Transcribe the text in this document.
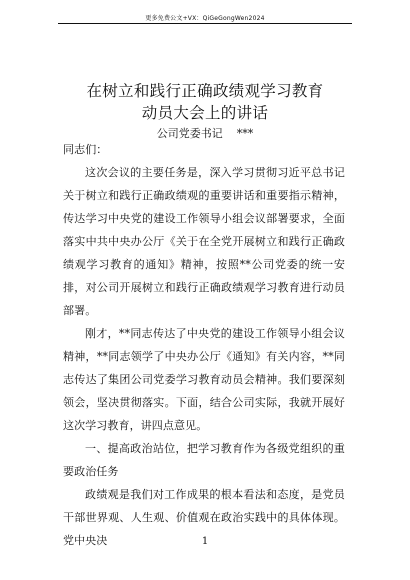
更多免费公文+VX：QiGeGongWen2024
在树立和践行正确政绩观学习教育
动员大会上的讲话
公司党委书记 ***

同志们：

这次会议的主要任务是，深入学习贯彻习近平总书记关于树立和践行正确政绩观的重要讲话和重要指示精神，传达学习中央党的建设工作领导小组会议部署要求，全面落实中共中央办公厅《关于在全党开展树立和践行正确政绩观学习教育的通知》精神，按照**公司党委的统一安排，对公司开展树立和践行正确政绩观学习教育进行动员部署。

刚才，**同志传达了中央党的建设工作领导小组会议精神，**同志领学了中央办公厅《通知》有关内容，**同志传达了集团公司党委学习教育动员会精神。我们要深刻领会，坚决贯彻落实。下面，结合公司实际，我就开展好这次学习教育，讲四点意见。

一、提高政治站位，把学习教育作为各级党组织的重要政治任务

政绩观是我们对工作成果的根本看法和态度，是党员干部世界观、人生观、价值观在政治实践中的具体体现。党中央决	1
